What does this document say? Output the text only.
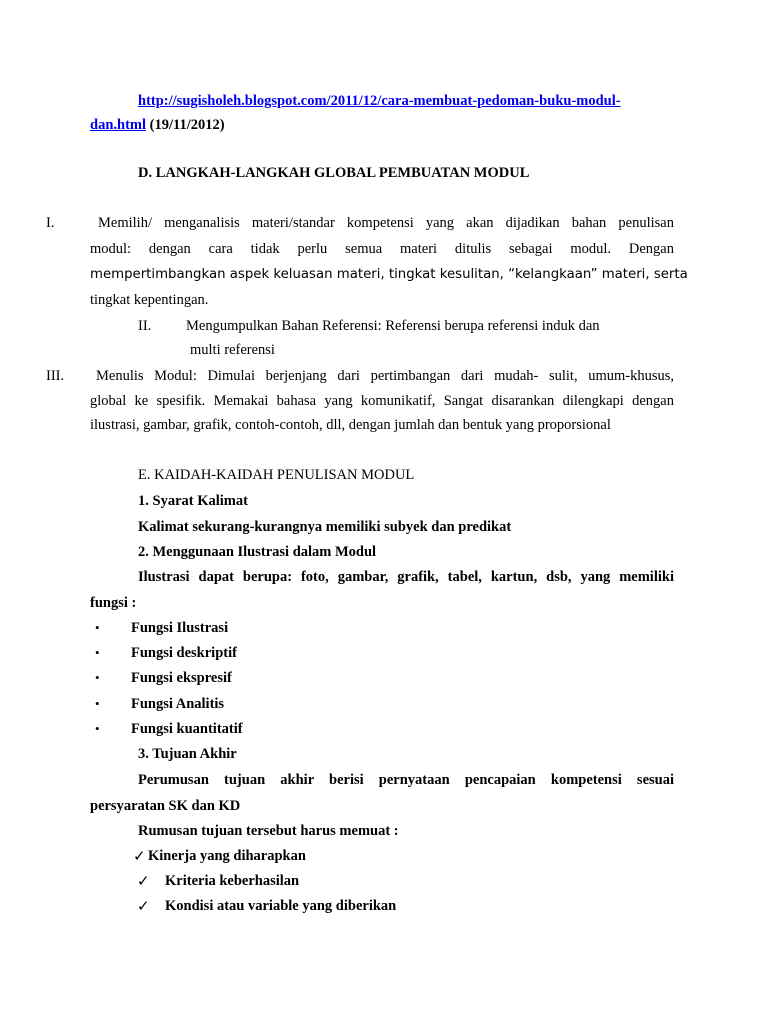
http://sugisholeh.blogspot.com/2011/12/cara-membuat-pedoman-buku-modul-
dan.html (19/11/2012)
D. LANGKAH-LANGKAH GLOBAL PEMBUATAN MODUL
I.	Memilih/ menganalisis materi/standar kompetensi yang akan dijadikan bahan penulisan
modul: dengan cara tidak perlu semua materi ditulis sebagai modul. Dengan
mempertimbangkan aspek keluasan materi, tingkat kesulitan, “kelangkaan” materi, serta
tingkat kepentingan.
II. Mengumpulkan Bahan Referensi: Referensi berupa referensi induk dan
multi referensi
III. Menulis Modul: Dimulai berjenjang dari pertimbangan dari mudah- sulit, umum-khusus,
global ke spesifik. Memakai bahasa yang komunikatif, Sangat disarankan dilengkapi dengan
ilustrasi, gambar, grafik, contoh-contoh, dll, dengan jumlah dan bentuk yang proporsional
E. KAIDAH-KAIDAH PENULISAN MODUL
1. Syarat Kalimat
Kalimat sekurang-kurangnya memiliki subyek dan predikat
2. Menggunaan Ilustrasi dalam Modul
Ilustrasi dapat berupa: foto, gambar, grafik, tabel, kartun, dsb, yang memiliki
fungsi :
• Fungsi Ilustrasi
• Fungsi deskriptif
• Fungsi ekspresif
• Fungsi Analitis
• Fungsi kuantitatif
3. Tujuan Akhir
Perumusan tujuan akhir berisi pernyataan pencapaian kompetensi sesuai
persyaratan SK dan KD
Rumusan tujuan tersebut harus memuat :
✓ Kinerja yang diharapkan
✓ Kriteria keberhasilan
✓ Kondisi atau variable yang diberikan
